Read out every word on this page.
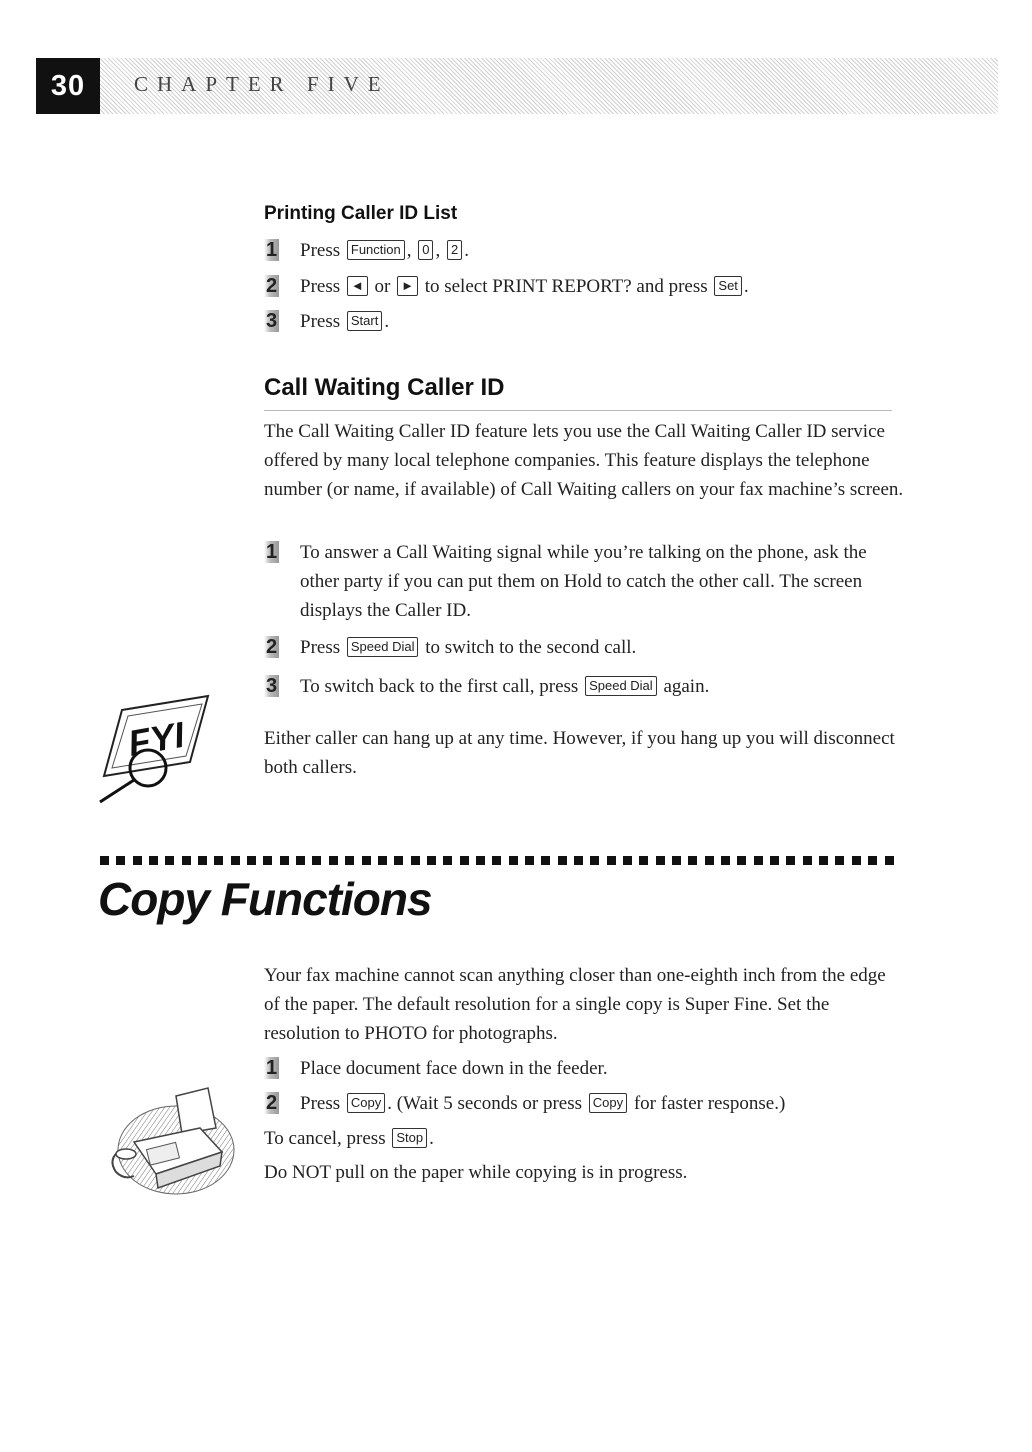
30	CHAPTER FIVE
Printing Caller ID List
1	Press Function , 0 , 2 .
2	Press ◄ or ► to select PRINT REPORT? and press Set .
3	Press Start .
Call Waiting Caller ID

The Call Waiting Caller ID feature lets you use the Call Waiting Caller ID service offered by many local telephone companies. This feature displays the telephone number (or name, if available) of Call Waiting callers on your fax machine’s screen.

1	To answer a Call Waiting signal while you’re talking on the phone, ask the other party if you can put them on Hold to catch the other call. The screen displays the Caller ID.
2	Press Speed Dial to switch to the second call.
3	To switch back to the first call, press Speed Dial again.
FYI	Either caller can hang up at any time. However, if you hang up you will disconnect both callers.

Copy Functions

Your fax machine cannot scan anything closer than one-eighth inch from the edge of the paper. The default resolution for a single copy is Super Fine. Set the resolution to PHOTO for photographs.

1	Place document face down in the feeder.
2	Press Copy . (Wait 5 seconds or press Copy for faster response.)
To cancel, press Stop .
Do NOT pull on the paper while copying is in progress.
